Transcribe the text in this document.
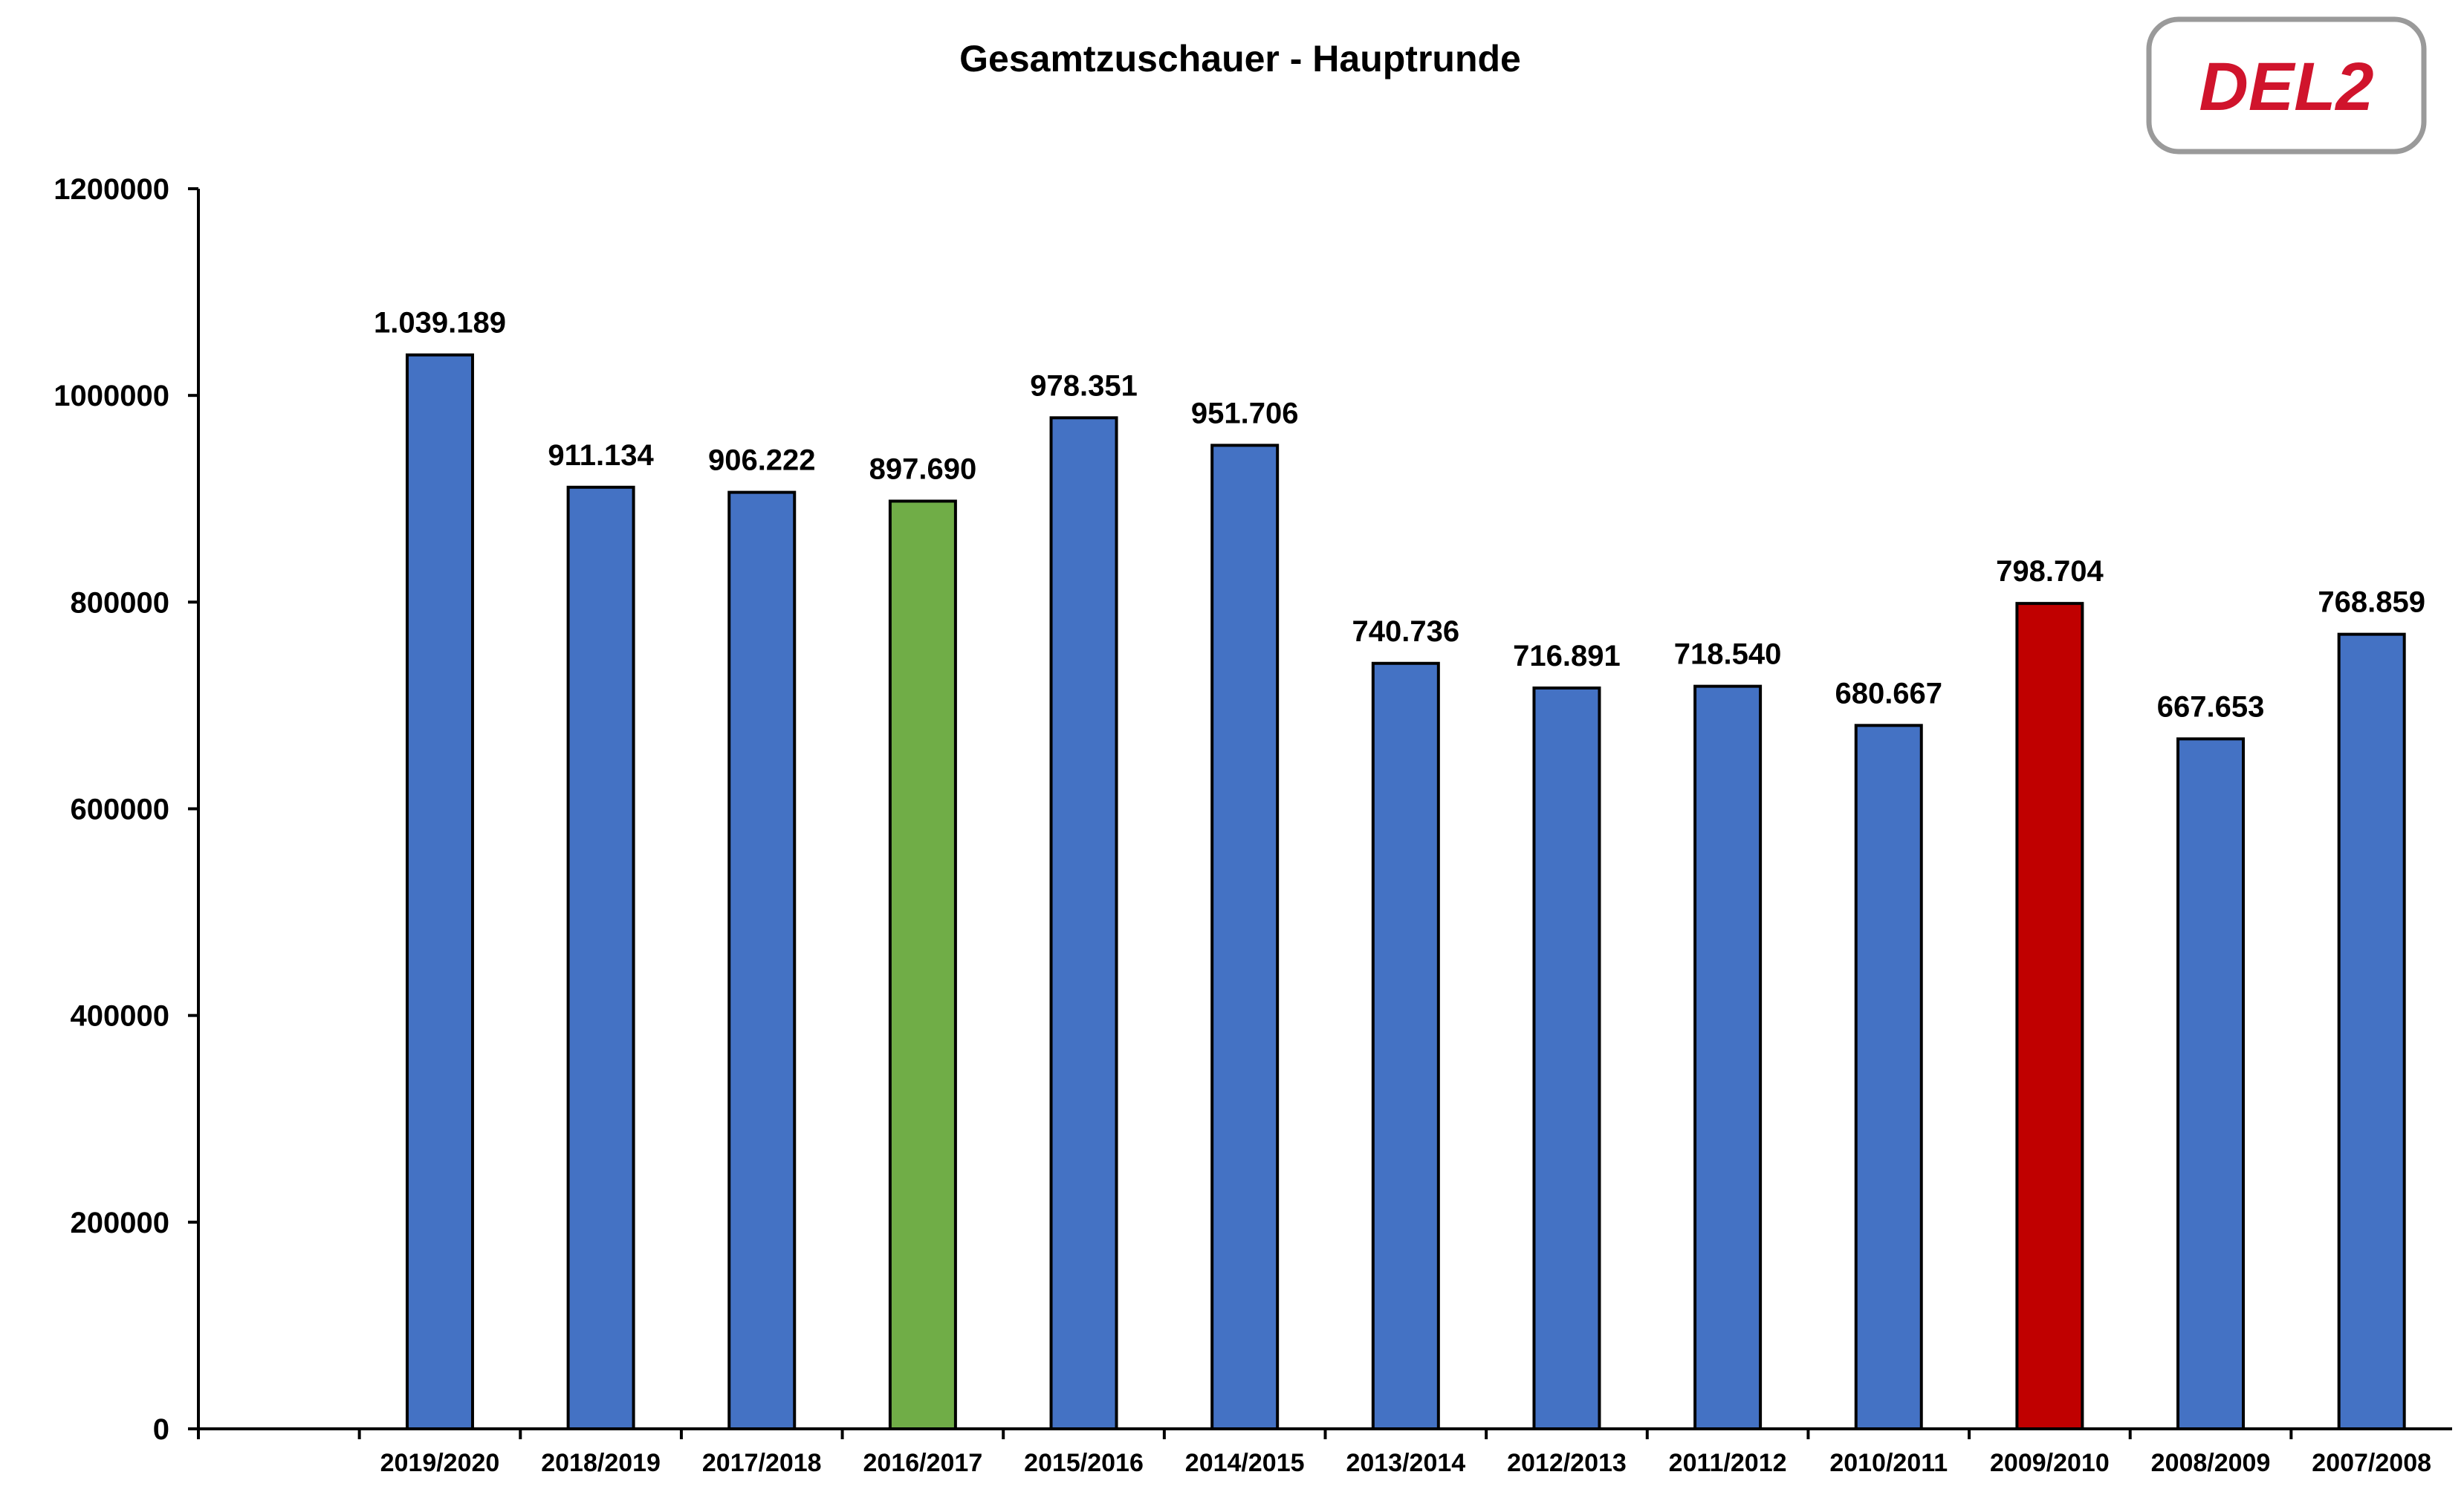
Gesamtzuschauer - Hauptrunde	DEL2
0
200000
400000
600000
800000
1000000
1200000
1.039.189
911.134 906.222 897.690
978.351
951.706
740.736
716.891 718.540
680.667
798.704
667.653
768.859
2019/2020 2018/2019 2017/2018 2016/2017 2015/2016 2014/2015 2013/2014 2012/2013 2011/2012 2010/2011 2009/2010 2008/2009 2007/2008
